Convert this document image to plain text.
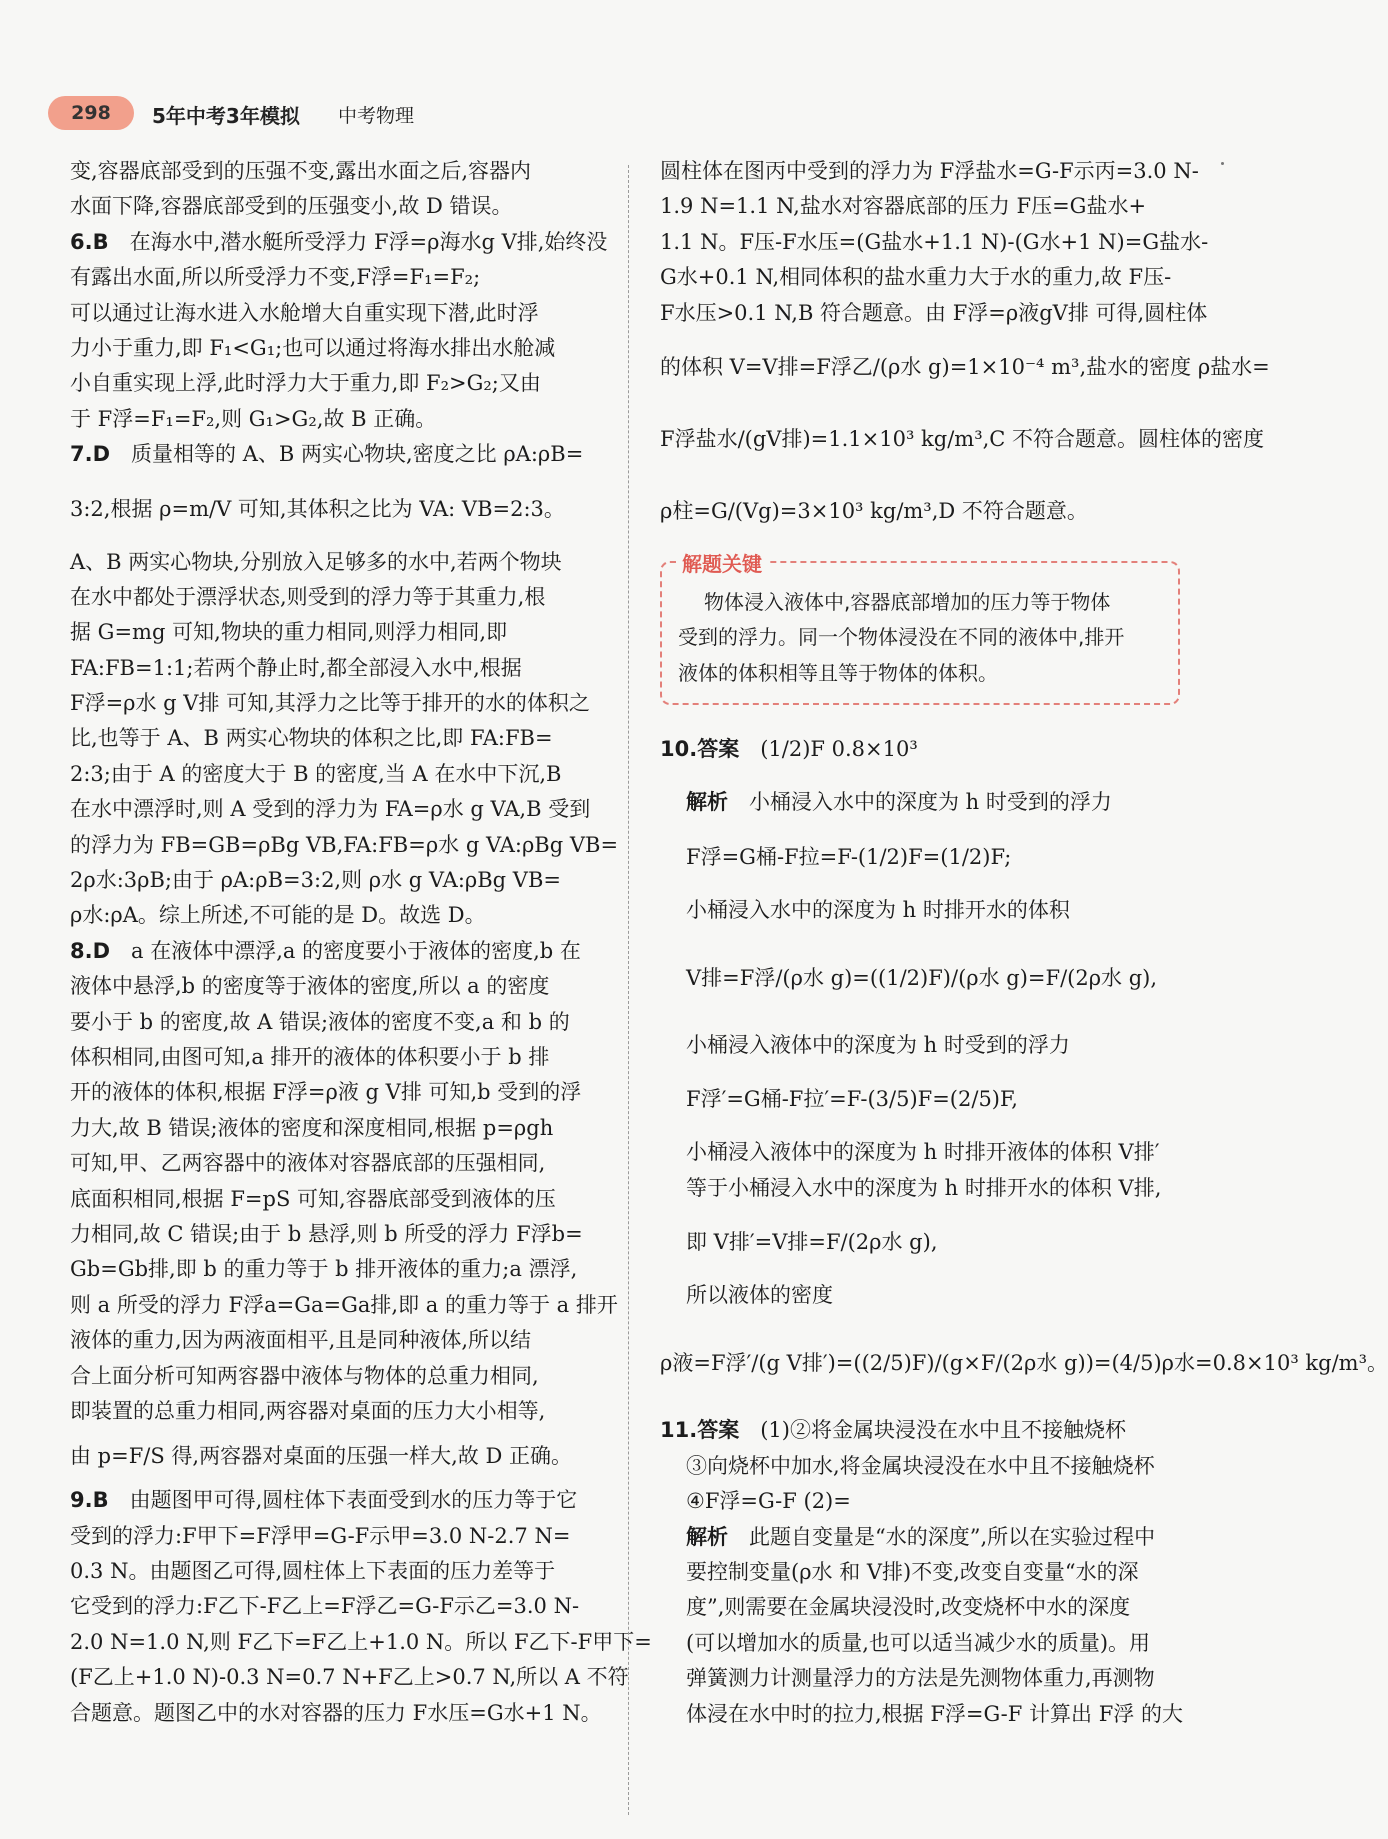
298	5年中考3年模拟 中考物理
变,容器底部受到的压强不变,露出水面之后,容器内
水面下降,容器底部受到的压强变小,故 D 错误。
6.B  在海水中,潜水艇所受浮力 F浮=ρ海水g V排,始终没
有露出水面,所以所受浮力不变,F浮=F₁=F₂;
可以通过让海水进入水舱增大自重实现下潜,此时浮
力小于重力,即 F₁<G₁;也可以通过将海水排出水舱减
小自重实现上浮,此时浮力大于重力,即 F₂>G₂;又由
于 F浮=F₁=F₂,则 G₁>G₂,故 B 正确。
7.D  质量相等的 A、B 两实心物块,密度之比 ρA:ρB=
3:2,根据 ρ=m/V 可知,其体积之比为 VA: VB=2:3。
A、B 两实心物块,分别放入足够多的水中,若两个物块
在水中都处于漂浮状态,则受到的浮力等于其重力,根
据 G=mg 可知,物块的重力相同,则浮力相同,即
FA:FB=1:1;若两个静止时,都全部浸入水中,根据
F浮=ρ水 g V排 可知,其浮力之比等于排开的水的体积之
比,也等于 A、B 两实心物块的体积之比,即 FA:FB=
2:3;由于 A 的密度大于 B 的密度,当 A 在水中下沉,B
在水中漂浮时,则 A 受到的浮力为 FA=ρ水 g VA,B 受到
的浮力为 FB=GB=ρBg VB,FA:FB=ρ水 g VA:ρBg VB=
2ρ水:3ρB;由于 ρA:ρB=3:2,则 ρ水 g VA:ρBg VB=
ρ水:ρA。综上所述,不可能的是 D。故选 D。
8.D  a 在液体中漂浮,a 的密度要小于液体的密度,b 在
液体中悬浮,b 的密度等于液体的密度,所以 a 的密度
要小于 b 的密度,故 A 错误;液体的密度不变,a 和 b 的
体积相同,由图可知,a 排开的液体的体积要小于 b 排
开的液体的体积,根据 F浮=ρ液 g V排 可知,b 受到的浮
力大,故 B 错误;液体的密度和深度相同,根据 p=ρgh
可知,甲、乙两容器中的液体对容器底部的压强相同,
底面积相同,根据 F=pS 可知,容器底部受到液体的压
力相同,故 C 错误;由于 b 悬浮,则 b 所受的浮力 F浮b=
Gb=Gb排,即 b 的重力等于 b 排开液体的重力;a 漂浮,
则 a 所受的浮力 F浮a=Ga=Ga排,即 a 的重力等于 a 排开
液体的重力,因为两液面相平,且是同种液体,所以结
合上面分析可知两容器中液体与物体的总重力相同,
即装置的总重力相同,两容器对桌面的压力大小相等,
由 p=F/S 得,两容器对桌面的压强一样大,故 D 正确。
9.B  由题图甲可得,圆柱体下表面受到水的压力等于它
受到的浮力:F甲下=F浮甲=G-F示甲=3.0 N-2.7 N=
0.3 N。由题图乙可得,圆柱体上下表面的压力差等于
它受到的浮力:F乙下-F乙上=F浮乙=G-F示乙=3.0 N-
2.0 N=1.0 N,则 F乙下=F乙上+1.0 N。所以 F乙下-F甲下=
(F乙上+1.0 N)-0.3 N=0.7 N+F乙上>0.7 N,所以 A 不符
合题意。题图乙中的水对容器的压力 F水压=G水+1 N。
圆柱体在图丙中受到的浮力为 F浮盐水=G-F示丙=3.0 N-
1.9 N=1.1 N,盐水对容器底部的压力 F压=G盐水+
1.1 N。F压-F水压=(G盐水+1.1 N)-(G水+1 N)=G盐水-
G水+0.1 N,相同体积的盐水重力大于水的重力,故 F压-
F水压>0.1 N,B 符合题意。由 F浮=ρ液gV排 可得,圆柱体
的体积 V=V排=F浮乙/(ρ水 g)=1×10⁻⁴ m³,盐水的密度 ρ盐水=
F浮盐水/(gV排)=1.1×10³ kg/m³,C 不符合题意。圆柱体的密度
ρ柱=G/(Vg)=3×10³ kg/m³,D 不符合题意。
解题关键
物体浸入液体中,容器底部增加的压力等于物体
受到的浮力。同一个物体浸没在不同的液体中,排开
液体的体积相等且等于物体的体积。
10.答案  (1/2)F 0.8×10³
解析  小桶浸入水中的深度为 h 时受到的浮力
F浮=G桶-F拉=F-(1/2)F=(1/2)F;
小桶浸入水中的深度为 h 时排开水的体积
V排=F浮/(ρ水 g)=((1/2)F)/(ρ水 g)=F/(2ρ水 g),
小桶浸入液体中的深度为 h 时受到的浮力
F浮′=G桶-F拉′=F-(3/5)F=(2/5)F,
小桶浸入液体中的深度为 h 时排开液体的体积 V排′
等于小桶浸入水中的深度为 h 时排开水的体积 V排,
即 V排′=V排=F/(2ρ水 g),
所以液体的密度
ρ液=F浮′/(g V排′)=((2/5)F)/(g×F/(2ρ水 g))=(4/5)ρ水=0.8×10³ kg/m³。
11.答案  (1)②将金属块浸没在水中且不接触烧杯
③向烧杯中加水,将金属块浸没在水中且不接触烧杯
④F浮=G-F (2)=
解析  此题自变量是“水的深度”,所以在实验过程中
要控制变量(ρ水 和 V排)不变,改变自变量“水的深
度”,则需要在金属块浸没时,改变烧杯中水的深度
(可以增加水的质量,也可以适当减少水的质量)。用
弹簧测力计测量浮力的方法是先测物体重力,再测物
体浸在水中时的拉力,根据 F浮=G-F 计算出 F浮 的大
